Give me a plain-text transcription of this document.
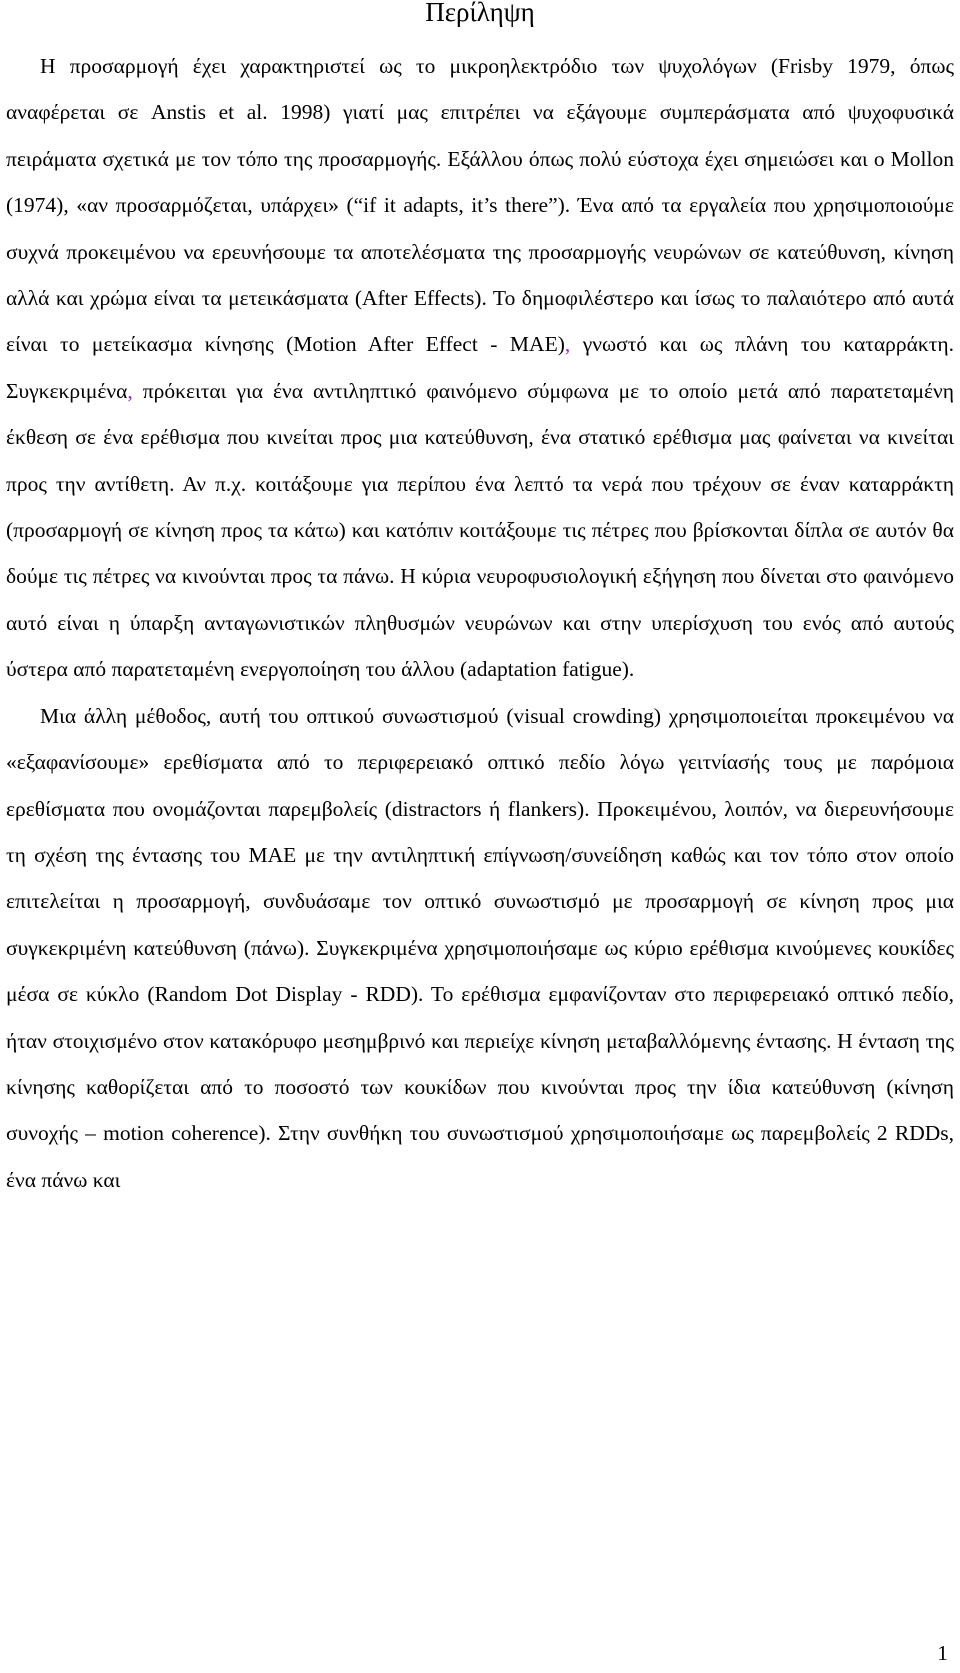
Περίληψη

Η προσαρμογή έχει χαρακτηριστεί ως το μικροηλεκτρόδιο των ψυχολόγων (Frisby 1979, όπως αναφέρεται σε Anstis et al. 1998) γιατί μας επιτρέπει να εξάγουμε συμπεράσματα από ψυχοφυσικά πειράματα σχετικά με τον τόπο της προσαρμογής. Εξάλλου όπως πολύ εύστοχα έχει σημειώσει και ο Mollon (1974), «αν προσαρμόζεται, υπάρχει» (“if it adapts, it’s there”). Ένα από τα εργαλεία που χρησιμοποιούμε συχνά προκειμένου να ερευνήσουμε τα αποτελέσματα της προσαρμογής νευρώνων σε κατεύθυνση, κίνηση αλλά και χρώμα είναι τα μετεικάσματα (After Effects). Το δημοφιλέστερο και ίσως το παλαιότερο από αυτά είναι το μετείκασμα κίνησης (Motion After Effect - MAE), γνωστό και ως πλάνη του καταρράκτη. Συγκεκριμένα, πρόκειται για ένα αντιληπτικό φαινόμενο σύμφωνα με το οποίο μετά από παρατεταμένη έκθεση σε ένα ερέθισμα που κινείται προς μια κατεύθυνση, ένα στατικό ερέθισμα μας φαίνεται να κινείται προς την αντίθετη. Αν π.χ. κοιτάξουμε για περίπου ένα λεπτό τα νερά που τρέχουν σε έναν καταρράκτη (προσαρμογή σε κίνηση προς τα κάτω) και κατόπιν κοιτάξουμε τις πέτρες που βρίσκονται δίπλα σε αυτόν θα δούμε τις πέτρες να κινούνται προς τα πάνω. Η κύρια νευροφυσιολογική εξήγηση που δίνεται στο φαινόμενο αυτό είναι η ύπαρξη ανταγωνιστικών πληθυσμών νευρώνων και στην υπερίσχυση του ενός από αυτούς ύστερα από παρατεταμένη ενεργοποίηση του άλλου (adaptation fatigue).

Μια άλλη μέθοδος, αυτή του οπτικού συνωστισμού (visual crowding) χρησιμοποιείται προκειμένου να «εξαφανίσουμε» ερεθίσματα από το περιφερειακό οπτικό πεδίο λόγω γειτνίασής τους με παρόμοια ερεθίσματα που ονομάζονται παρεμβολείς (distractors ή flankers). Προκειμένου, λοιπόν, να διερευνήσουμε τη σχέση της έντασης του MAE με την αντιληπτική επίγνωση/συνείδηση καθώς και τον τόπο στον οποίο επιτελείται η προσαρμογή, συνδυάσαμε τον οπτικό συνωστισμό με προσαρμογή σε κίνηση προς μια συγκεκριμένη κατεύθυνση (πάνω). Συγκεκριμένα χρησιμοποιήσαμε ως κύριο ερέθισμα κινούμενες κουκίδες μέσα σε κύκλο (Random Dot Display - RDD). Το ερέθισμα εμφανίζονταν στο περιφερειακό οπτικό πεδίο, ήταν στοιχισμένο στον κατακόρυφο μεσημβρινό και περιείχε κίνηση μεταβαλλόμενης έντασης. Η ένταση της κίνησης καθορίζεται από το ποσοστό των κουκίδων που κινούνται προς την ίδια κατεύθυνση (κίνηση συνοχής – motion coherence). Στην συνθήκη του συνωστισμού χρησιμοποιήσαμε ως παρεμβολείς 2 RDDs, ένα πάνω και

1
